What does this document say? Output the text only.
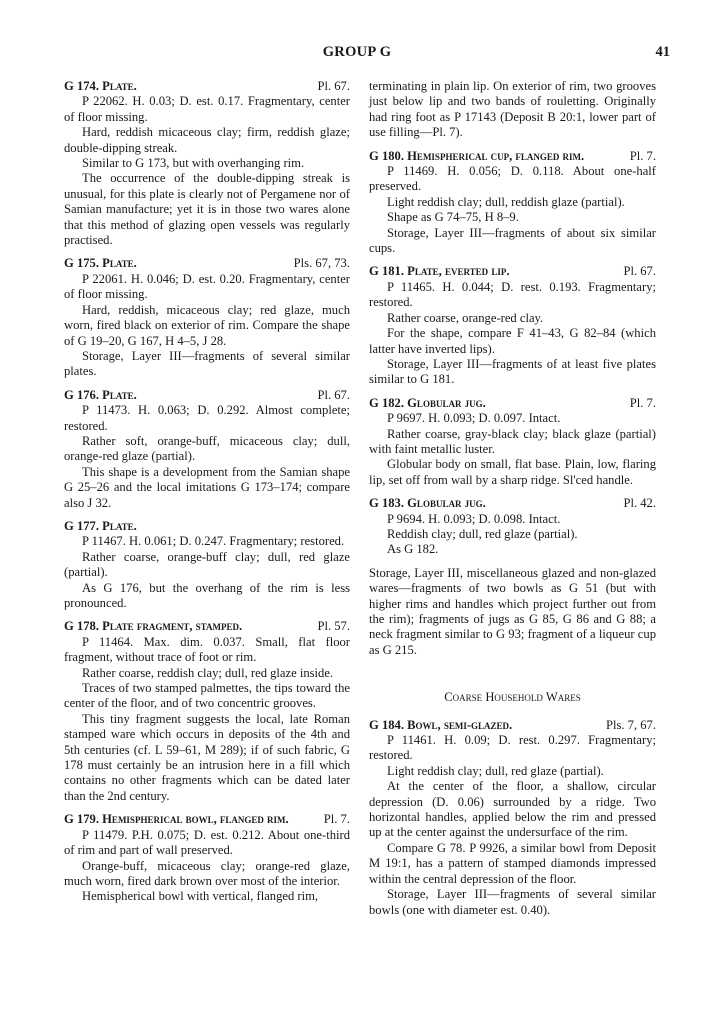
GROUP G	41
G 174. Plate.	Pl. 67.

P 22062. H. 0.03; D. est. 0.17. Fragmentary, center of floor missing.

Hard, reddish micaceous clay; firm, reddish glaze; double-dipping streak.

Similar to G 173, but with overhanging rim.

The occurrence of the double-dipping streak is unusual, for this plate is clearly not of Pergamene nor of Samian manufacture; yet it is in those two wares alone that this method of glazing open vessels was regularly practised.

G 175. Plate.	Pls. 67, 73.

P 22061. H. 0.046; D. est. 0.20. Fragmentary, center of floor missing.

Hard, reddish, micaceous clay; red glaze, much worn, fired black on exterior of rim. Compare the shape of G 19–20, G 167, H 4–5, J 28.

Storage, Layer III—fragments of several similar plates.

G 176. Plate.	Pl. 67.

P 11473. H. 0.063; D. 0.292. Almost complete; restored.

Rather soft, orange-buff, micaceous clay; dull, orange-red glaze (partial).

This shape is a development from the Samian shape G 25–26 and the local imitations G 173–174; compare also J 32.

G 177. Plate.

P 11467. H. 0.061; D. 0.247. Fragmentary; restored.

Rather coarse, orange-buff clay; dull, red glaze (partial).

As G 176, but the overhang of the rim is less pronounced.

G 178. Plate fragment, stamped.	Pl. 57.

P 11464. Max. dim. 0.037. Small, flat floor fragment, without trace of foot or rim.

Rather coarse, reddish clay; dull, red glaze inside.

Traces of two stamped palmettes, the tips toward the center of the floor, and of two concentric grooves.

This tiny fragment suggests the local, late Roman stamped ware which occurs in deposits of the 4th and 5th centuries (cf. L 59–61, M 289); if of such fabric, G 178 must certainly be an intrusion here in a fill which contains no other fragments which can be dated later than the 2nd century.

G 179. Hemispherical bowl, flanged rim.	Pl. 7.

P 11479. P.H. 0.075; D. est. 0.212. About one-third of rim and part of wall preserved.

Orange-buff, micaceous clay; orange-red glaze, much worn, fired dark brown over most of the interior.

Hemispherical bowl with vertical, flanged rim,

terminating in plain lip. On exterior of rim, two grooves just below lip and two bands of rouletting. Originally had ring foot as P 17143 (Deposit B 20:1, lower part of use filling—Pl. 7).

G 180. Hemispherical cup, flanged rim.	Pl. 7.

P 11469. H. 0.056; D. 0.118. About one-half preserved.

Light reddish clay; dull, reddish glaze (partial).

Shape as G 74–75, H 8–9.

Storage, Layer III—fragments of about six similar cups.

G 181. Plate, everted lip.	Pl. 67.

P 11465. H. 0.044; D. rest. 0.193. Fragmentary; restored.

Rather coarse, orange-red clay.

For the shape, compare F 41–43, G 82–84 (which latter have inverted lips).

Storage, Layer III—fragments of at least five plates similar to G 181.

G 182. Globular jug.	Pl. 7.

P 9697. H. 0.093; D. 0.097. Intact.

Rather coarse, gray-black clay; black glaze (partial) with faint metallic luster.

Globular body on small, flat base. Plain, low, flaring lip, set off from wall by a sharp ridge. Sl'ced handle.

G 183. Globular jug.	Pl. 42.

P 9694. H. 0.093; D. 0.098. Intact.

Reddish clay; dull, red glaze (partial).

As G 182.

Storage, Layer III, miscellaneous glazed and non-glazed wares—fragments of two bowls as G 51 (but with higher rims and handles which project further out from the rim); fragments of jugs as G 85, G 86 and G 88; a neck fragment similar to G 93; fragment of a liqueur cup as G 215.

Coarse Household Wares
G 184. Bowl, semi-glazed.	Pls. 7, 67.

P 11461. H. 0.09; D. rest. 0.297. Fragmentary; restored.

Light reddish clay; dull, red glaze (partial).

At the center of the floor, a shallow, circular depression (D. 0.06) surrounded by a ridge. Two horizontal handles, applied below the rim and pressed up at the center against the undersurface of the rim.

Compare G 78. P 9926, a similar bowl from Deposit M 19:1, has a pattern of stamped diamonds impressed within the central depression of the floor.

Storage, Layer III—fragments of several similar bowls (one with diameter est. 0.40).
